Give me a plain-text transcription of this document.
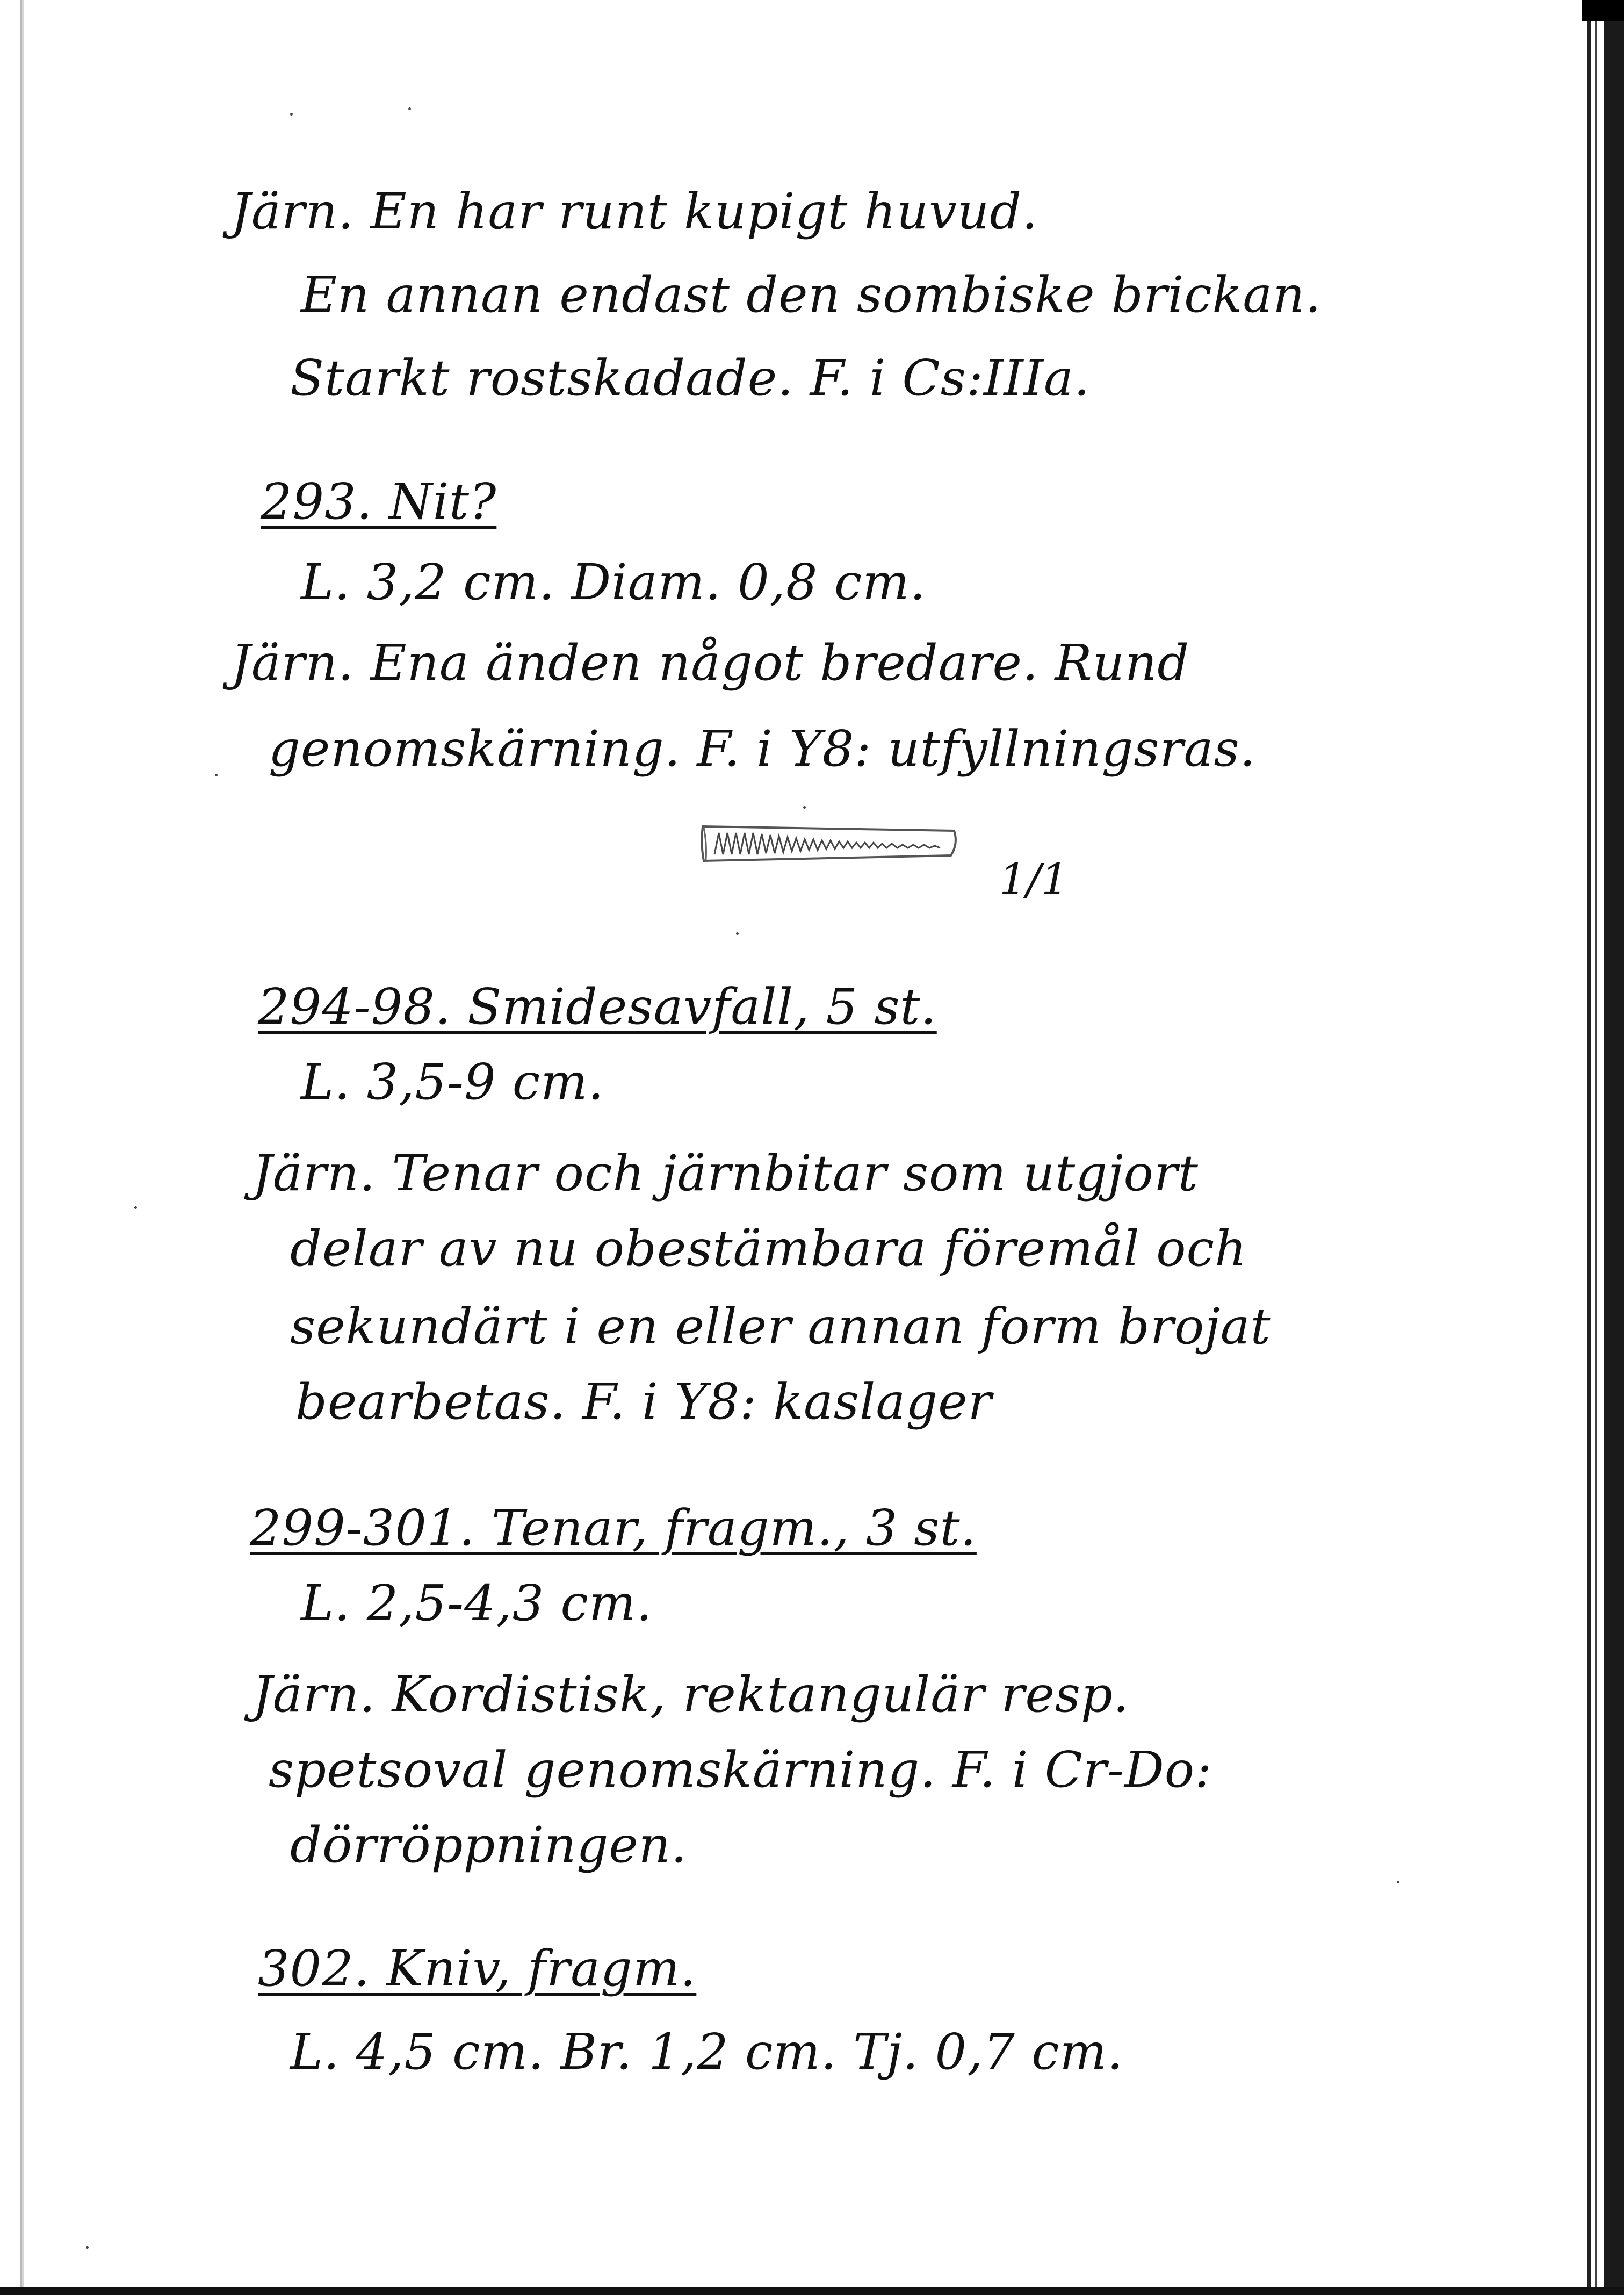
Järn. En har runt kupigt huvud.
En annan endast den sombiske brickan.
Starkt rostskadade. F. i Cs:IIIa.
293. Nit?
L. 3,2 cm. Diam. 0,8 cm.
Järn. Ena änden något bredare. Rund
genomskärning. F. i Y8: utfyllningsras.
1/1
294-98. Smidesavfall, 5 st.
L. 3,5-9 cm.
Järn. Tenar och järnbitar som utgjort
delar av nu obestämbara föremål och
sekundärt i en eller annan form brojat
bearbetas. F. i Y8: kaslager
299-301. Tenar, fragm., 3 st.
L. 2,5-4,3 cm.
Järn. Kordistisk, rektangulär resp.
spetsoval genomskärning. F. i Cr-Do:
dörröppningen.
302. Kniv, fragm.
L. 4,5 cm. Br. 1,2 cm. Tj. 0,7 cm.
